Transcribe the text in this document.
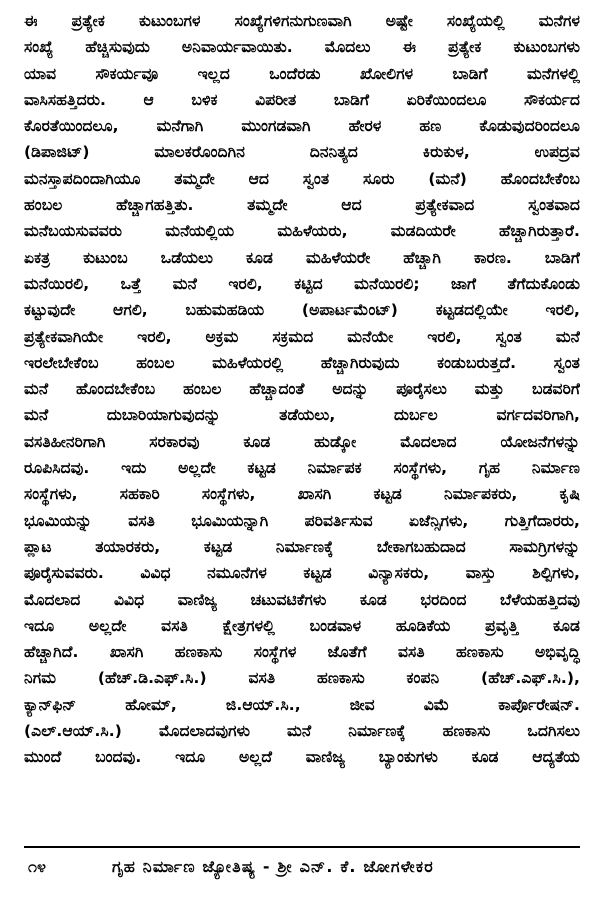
ಈ ಪ್ರತ್ಯೇಕ ಕುಟುಂಬಗಳ ಸಂಖ್ಯೆಗಳಿಗನುಗುಣವಾಗಿ ಅಷ್ಟೇ ಸಂಖ್ಯೆಯಲ್ಲಿ ಮನೆಗಳ
ಸಂಖ್ಯೆ ಹೆಚ್ಚಿಸುವುದು ಅನಿವಾರ್ಯವಾಯಿತು. ಮೊದಲು ಈ ಪ್ರತ್ಯೇಕ ಕುಟುಂಬಗಳು
ಯಾವ ಸೌಕರ್ಯವೂ ಇಲ್ಲದ ಒಂದೆರಡು ಖೋಲಿಗಳ ಬಾಡಿಗೆ ಮನೆಗಳಲ್ಲಿ
ವಾಸಿಸಹತ್ತಿದರು. ಆ ಬಳಿಕ ವಿಪರೀತ ಬಾಡಿಗೆ ಏರಿಕೆಯಿಂದಲೂ ಸೌಕರ್ಯದ
ಕೊರತೆಯಿಂದಲೂ, ಮನೆಗಾಗಿ ಮುಂಗಡವಾಗಿ ಹೇರಳ ಹಣ ಕೊಡುವುದರಿಂದಲೂ
(ಡಿಪಾಜಿಟ್) ಮಾಲಕರೊಂದಿಗಿನ ದಿನನಿತ್ಯದ ಕಿರುಕುಳ, ಉಪದ್ರವ
ಮನಸ್ತಾಪದಿಂದಾಗಿಯೂ ತಮ್ಮದೇ ಆದ ಸ್ವಂತ ಸೂರು (ಮನೆ) ಹೊಂದಬೇಕೆಂಬ
ಹಂಬಲ ಹೆಚ್ಚಾಗಹತ್ತಿತು. ತಮ್ಮದೇ ಆದ ಪ್ರತ್ಯೇಕವಾದ ಸ್ವಂತವಾದ
ಮನೆಬಯಸುವವರು ಮನೆಯಲ್ಲಿಯ ಮಹಿಳೆಯರು, ಮಡದಿಯರೇ ಹೆಚ್ಚಾಗಿರುತ್ತಾರೆ.
ಏಕತ್ರ ಕುಟುಂಬ ಒಡೆಯಲು ಕೂಡ ಮಹಿಳೆಯರೇ ಹೆಚ್ಚಾಗಿ ಕಾರಣ. ಬಾಡಿಗೆ
ಮನೆಯಿರಲಿ, ಒತ್ತೆ ಮನೆ ಇರಲಿ, ಕಟ್ಟಿದ ಮನೆಯಿರಲಿ; ಜಾಗೆ ತೆಗೆದುಕೊಂಡು
ಕಟ್ಟುವುದೇ ಆಗಲಿ, ಬಹುಮಹಡಿಯ (ಅಪಾರ್ಟಮೆಂಟ್) ಕಟ್ಟಡದಲ್ಲಿಯೇ ಇರಲಿ,
ಪ್ರತ್ಯೇಕವಾಗಿಯೇ ಇರಲಿ, ಅಕ್ರಮ ಸಕ್ರಮದ ಮನೆಯೇ ಇರಲಿ, ಸ್ವಂತ ಮನೆ
ಇರಲೇಬೇಕೆಂಬ ಹಂಬಲ ಮಹಿಳೆಯರಲ್ಲಿ ಹೆಚ್ಚಾಗಿರುವುದು ಕಂಡುಬರುತ್ತದೆ. ಸ್ವಂತ
ಮನೆ ಹೊಂದಬೇಕೆಂಬ ಹಂಬಲ ಹೆಚ್ಚಾದಂತೆ ಅದನ್ನು ಪೂರೈಸಲು ಮತ್ತು ಬಡವರಿಗೆ
ಮನೆ ದುಬಾರಿಯಾಗುವುದನ್ನು ತಡೆಯಲು, ದುರ್ಬಲ ವರ್ಗದವರಿಗಾಗಿ,
ವಸತಿಹೀನರಿಗಾಗಿ ಸರಕಾರವು ಕೂಡ ಹುಡ್ಕೋ ಮೊದಲಾದ ಯೋಜನೆಗಳನ್ನು
ರೂಪಿಸಿದವು. ಇದು ಅಲ್ಲದೇ ಕಟ್ಟಡ ನಿರ್ಮಾಪಕ ಸಂಸ್ಥೆಗಳು, ಗೃಹ ನಿರ್ಮಾಣ
ಸಂಸ್ಥೆಗಳು, ಸಹಕಾರಿ ಸಂಸ್ಥೆಗಳು, ಖಾಸಗಿ ಕಟ್ಟಡ ನಿರ್ಮಾಪಕರು, ಕೃಷಿ
ಭೂಮಿಯನ್ನು ವಸತಿ ಭೂಮಿಯನ್ನಾಗಿ ಪರಿವರ್ತಿಸುವ ಏಜೆನ್ಸಿಗಳು, ಗುತ್ತಿಗೆದಾರರು,
ಪ್ಲಾಟ ತಯಾರಕರು, ಕಟ್ಟಡ ನಿರ್ಮಾಣಕ್ಕೆ ಬೇಕಾಗಬಹುದಾದ ಸಾಮಗ್ರಿಗಳನ್ನು
ಪೂರೈಸುವವರು. ವಿವಿಧ ನಮೂನೆಗಳ ಕಟ್ಟಡ ವಿನ್ಯಾಸಕರು, ವಾಸ್ತು ಶಿಲ್ಪಿಗಳು,
ಮೊದಲಾದ ವಿವಿಧ ವಾಣಿಜ್ಯ ಚಟುವಟಿಕೆಗಳು ಕೂಡ ಭರದಿಂದ ಬೆಳೆಯಹತ್ತಿದವು
ಇದೂ ಅಲ್ಲದೇ ವಸತಿ ಕ್ಷೇತ್ರಗಳಲ್ಲಿ ಬಂಡವಾಳ ಹೂಡಿಕೆಯ ಪ್ರವೃತ್ತಿ ಕೂಡ
ಹೆಚ್ಚಾಗಿದೆ. ಖಾಸಗಿ ಹಣಕಾಸು ಸಂಸ್ಥೆಗಳ ಜೊತೆಗೆ ವಸತಿ ಹಣಕಾಸು ಅಭಿವೃದ್ಧಿ
ನಿಗಮ (ಹೆಚ್.ಡಿ.ಎಫ್.ಸಿ.) ವಸತಿ ಹಣಕಾಸು ಕಂಪನಿ (ಹೆಚ್.ಎಫ್.ಸಿ.),
ಕ್ಯಾನ್‌ಫಿನ್ ಹೋಮ್, ಜಿ.ಆಯ್.ಸಿ., ಜೀವ ವಿಮೆ ಕಾರ್ಪೊರೇಷನ್.
(ಎಲ್.ಆಯ್.ಸಿ.) ಮೊದಲಾದವುಗಳು ಮನೆ ನಿರ್ಮಾಣಕ್ಕೆ ಹಣಕಾಸು ಒದಗಿಸಲು
ಮುಂದೆ ಬಂದವು. ಇದೂ ಅಲ್ಲದೆ ವಾಣಿಜ್ಯ ಬ್ಯಾಂಕುಗಳು ಕೂಡ ಆದ್ಯತೆಯ
೧೪	ಗೃಹ ನಿರ್ಮಾಣ ಜ್ಯೋತಿಷ್ಯ - ಶ್ರೀ ಎನ್. ಕೆ. ಜೋಗಳೇಕರ
